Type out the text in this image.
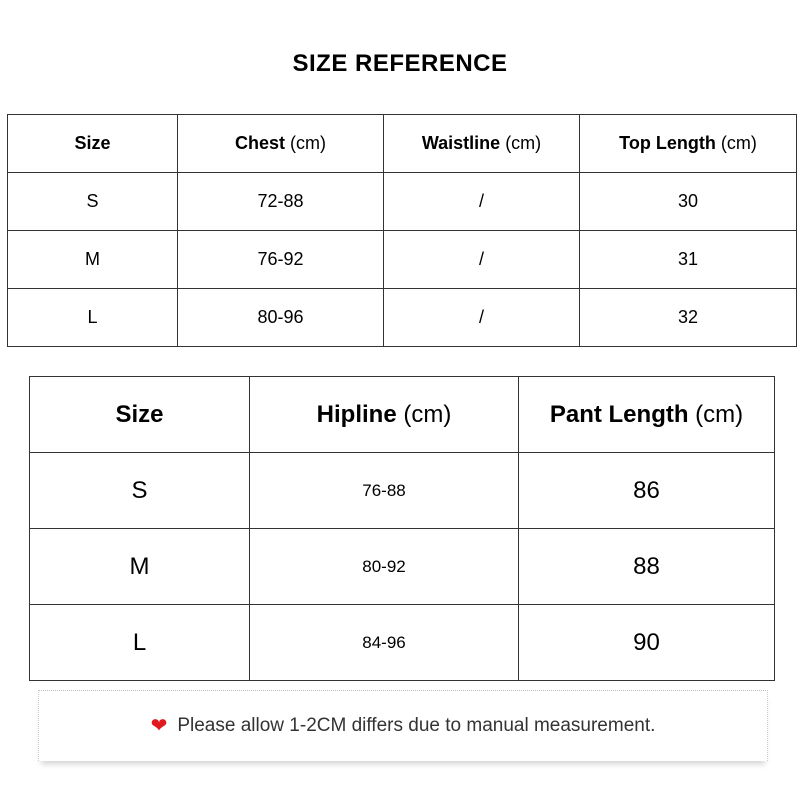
SIZE REFERENCE
Size	Chest (cm)	Waistline (cm)	Top Length (cm)
S	72-88	/	30
M	76-92	/	31
L	80-96	/	32
Size	Hipline (cm)	Pant Length (cm)
S	76-88	86
M	80-92	88
L	84-96	90
❤ Please allow 1-2CM differs due to manual measurement.
